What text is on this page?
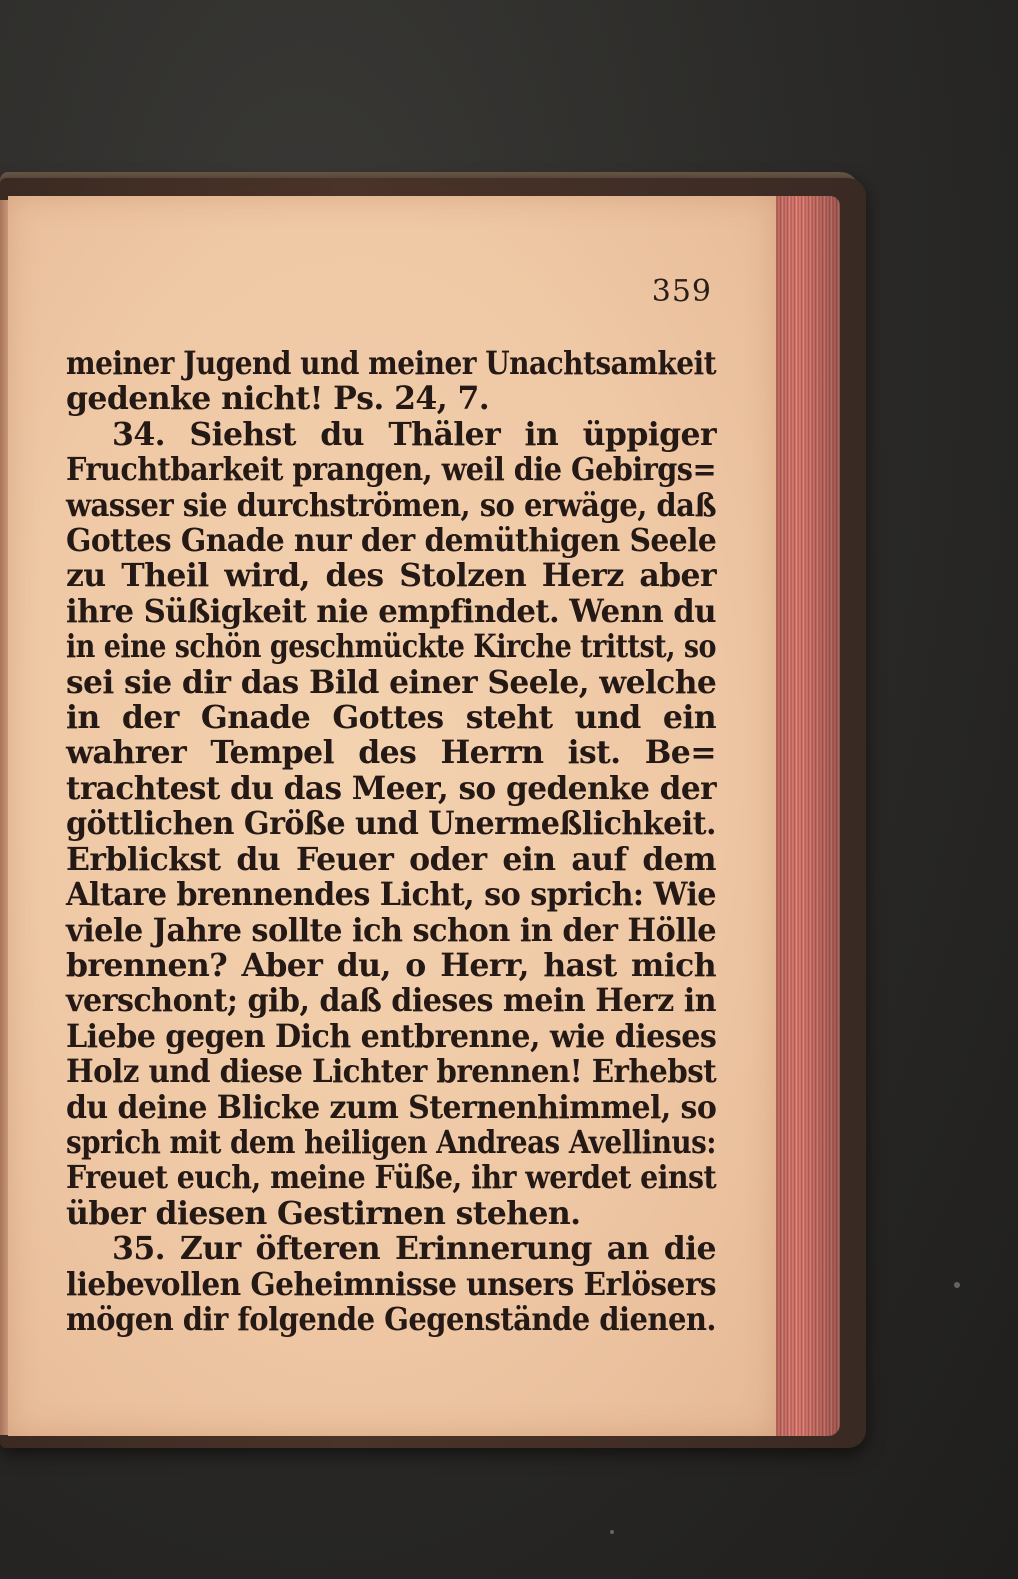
359
meiner Jugend und meiner Unachtsamkeit
gedenke nicht! Ps. 24, 7.
34. Siehst du Thäler in üppiger
Fruchtbarkeit prangen, weil die Gebirgs=
wasser sie durchströmen, so erwäge, daß
Gottes Gnade nur der demüthigen Seele
zu Theil wird, des Stolzen Herz aber
ihre Süßigkeit nie empfindet. Wenn du
in eine schön geschmückte Kirche trittst, so
sei sie dir das Bild einer Seele, welche
in der Gnade Gottes steht und ein
wahrer Tempel des Herrn ist. Be=
trachtest du das Meer, so gedenke der
göttlichen Größe und Unermeßlichkeit.
Erblickst du Feuer oder ein auf dem
Altare brennendes Licht, so sprich: Wie
viele Jahre sollte ich schon in der Hölle
brennen? Aber du, o Herr, hast mich
verschont; gib, daß dieses mein Herz in
Liebe gegen Dich entbrenne, wie dieses
Holz und diese Lichter brennen! Erhebst
du deine Blicke zum Sternenhimmel, so
sprich mit dem heiligen Andreas Avellinus:
Freuet euch, meine Füße, ihr werdet einst
über diesen Gestirnen stehen.
35. Zur öfteren Erinnerung an die
liebevollen Geheimnisse unsers Erlösers
mögen dir folgende Gegenstände dienen.
